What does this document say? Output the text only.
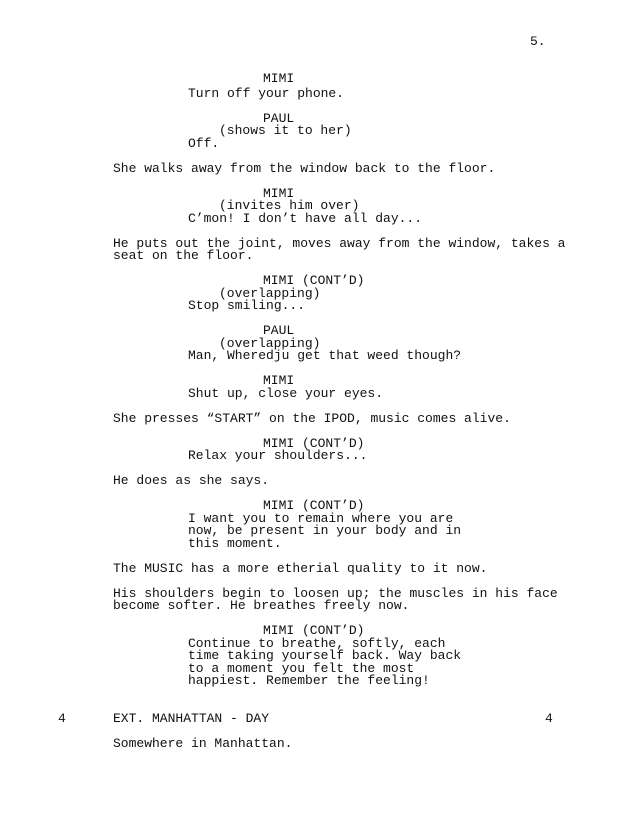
5.
MIMI
Turn off your phone.
PAUL
(shows it to her)
Off.
She walks away from the window back to the floor.
MIMI
(invites him over)
C’mon! I don’t have all day...
He puts out the joint, moves away from the window, takes a
seat on the floor.
MIMI (CONT’D)
(overlapping)
Stop smiling...
PAUL
(overlapping)
Man, Wheredju get that weed though?
MIMI
Shut up, close your eyes.
She presses “START” on the IPOD, music comes alive.
MIMI (CONT’D)
Relax your shoulders...
He does as she says.
MIMI (CONT’D)
I want you to remain where you are
now, be present in your body and in
this moment.
The MUSIC has a more etherial quality to it now.
His shoulders begin to loosen up; the muscles in his face
become softer. He breathes freely now.
MIMI (CONT’D)
Continue to breathe, softly, each
time taking yourself back. Way back
to a moment you felt the most
happiest. Remember the feeling!
4	EXT. MANHATTAN - DAY	4
Somewhere in Manhattan.
